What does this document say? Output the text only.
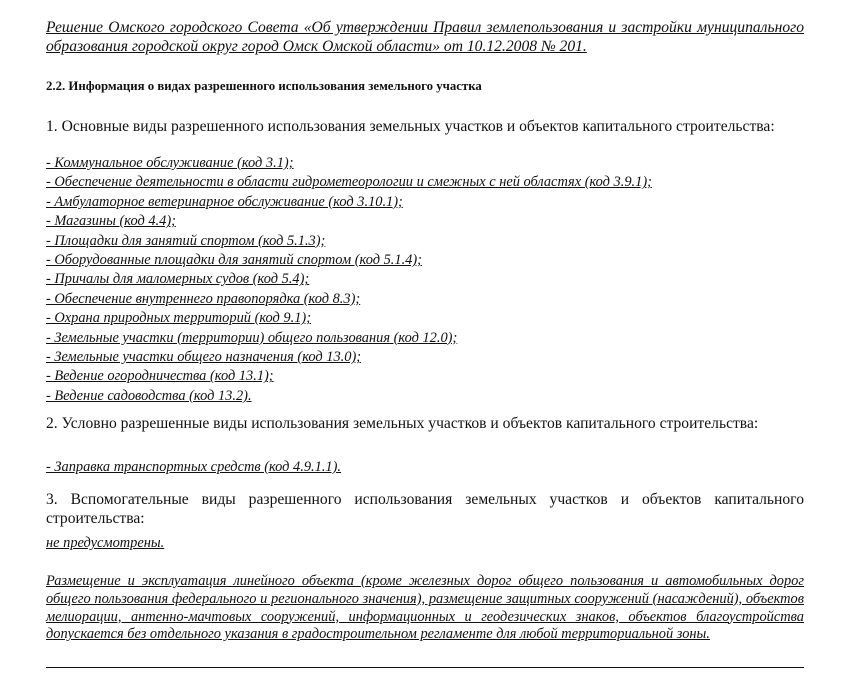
Решение Омского городского Совета «Об утверждении Правил землепользования и застройки муниципального образования городской округ город Омск Омской области» от 10.12.2008 № 201.
2.2. Информация о видах разрешенного использования земельного участка
1. Основные виды разрешенного использования земельных участков и объектов капитального строительства:
- Коммунальное обслуживание (код 3.1);
- Обеспечение деятельности в области гидрометеорологии и смежных с ней областях (код 3.9.1);
- Амбулаторное ветеринарное обслуживание (код 3.10.1);
- Магазины (код 4.4);
- Площадки для занятий спортом (код 5.1.3);
- Оборудованные площадки для занятий спортом (код 5.1.4);
- Причалы для маломерных судов (код 5.4);
- Обеспечение внутреннего правопорядка (код 8.3);
- Охрана природных территорий (код 9.1);
- Земельные участки (территории) общего пользования (код 12.0);
- Земельные участки общего назначения (код 13.0);
- Ведение огородничества (код 13.1);
- Ведение садоводства (код 13.2).
2. Условно разрешенные виды использования земельных участков и объектов капитального строительства:
- Заправка транспортных средств (код 4.9.1.1).
3. Вспомогательные виды разрешенного использования земельных участков и объектов капитального строительства:
не предусмотрены.
Размещение и эксплуатация линейного объекта (кроме железных дорог общего пользования и автомобильных дорог общего пользования федерального и регионального значения), размещение защитных сооружений (насаждений), объектов мелиорации, антенно-мачтовых сооружений, информационных и геодезических знаков, объектов благоустройства допускается без отдельного указания в градостроительном регламенте для любой территориальной зоны.
